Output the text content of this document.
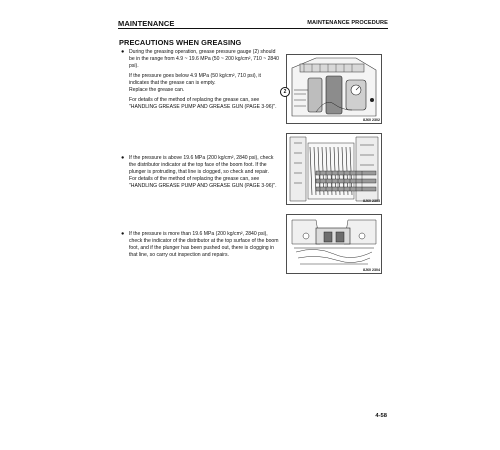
MAINTENANCE	MAINTENANCE PROCEDURE
PRECAUTIONS WHEN GREASING
● During the greasing operation, grease pressure gauge (2) should be in the range from 4.9 ~ 19.6 MPa (50 ~ 200 kg/cm², 710 ~ 2840 psi).

If the pressure goes below 4.9 MPa (50 kg/cm², 710 psi), it indicates that the grease can is empty.

Replace the grease can.

For details of the method of replacing the grease can, see "HANDLING GREASE PUMP AND GREASE GUN (PAGE 3-96)".

● If the pressure is above 19.6 MPa (200 kg/cm², 2840 psi), check the distributor indicator at the top face of the boom foot. If the plunger is protruding, that line is clogged, so check and repair.

For details of the method of replacing the grease can, see "HANDLING GREASE PUMP AND GREASE GUN (PAGE 3-96)".

● If the pressure is more than 19.6 MPa (200 kg/cm², 2840 psi), check the indicator of the distributor at the top surface of the boom foot, and if the plunger has been pushed out, there is clogging in that line, so carry out inspection and repairs.

2
8J60 2302
8J60 2303
8J60 2304
4-58
